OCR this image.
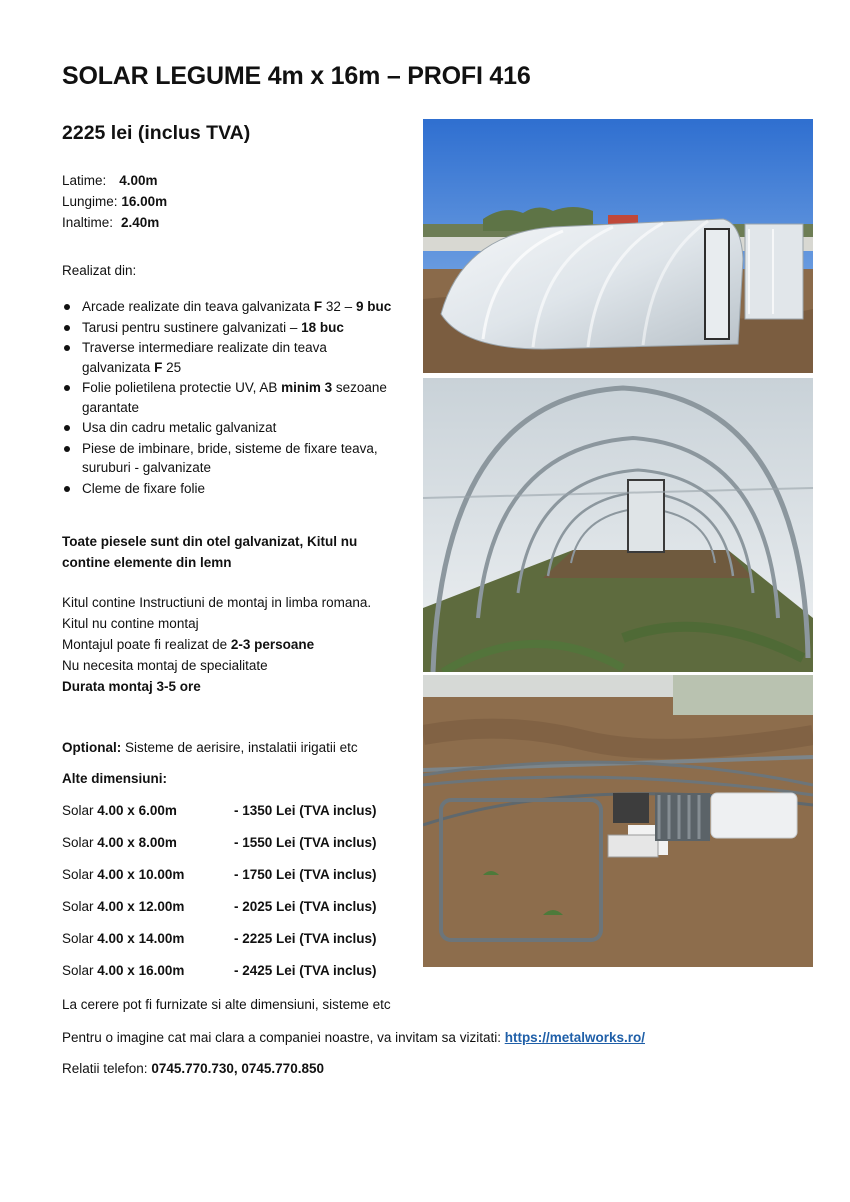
SOLAR LEGUME 4m x 16m – PROFI 416
2225 lei (inclus TVA)
Latime: 4.00m
Lungime: 16.00m
Inaltime: 2.40m
Realizat din:
Arcade realizate din teava galvanizata F 32 – 9 buc
Tarusi pentru sustinere galvanizati – 18 buc
Traverse intermediare realizate din teava galvanizata F 25
Folie polietilena protectie UV, AB minim 3 sezoane garantate
Usa din cadru metalic galvanizat
Piese de imbinare, bride, sisteme de fixare teava, suruburi - galvanizate
Cleme de fixare folie
Toate piesele sunt din otel galvanizat, Kitul nu contine elemente din lemn
Kitul contine Instructiuni de montaj in limba romana.
Kitul nu contine montaj
Montajul poate fi realizat de 2-3 persoane
Nu necesita montaj de specialitate
Durata montaj 3-5 ore
Optional: Sisteme de aerisire, instalatii irigatii etc
Alte dimensiuni:
Solar 4.00 x 6.00m	- 1350 Lei (TVA inclus)
Solar 4.00 x 8.00m	- 1550 Lei (TVA inclus)
Solar 4.00 x 10.00m	- 1750 Lei (TVA inclus)
Solar 4.00 x 12.00m	- 2025 Lei (TVA inclus)
Solar 4.00 x 14.00m	- 2225 Lei (TVA inclus)
Solar 4.00 x 16.00m	- 2425 Lei (TVA inclus)
La cerere pot fi furnizate si alte dimensiuni, sisteme etc
Pentru o imagine cat mai clara a companiei noastre, va invitam sa vizitati: https://metalworks.ro/
Relatii telefon: 0745.770.730, 0745.770.850
